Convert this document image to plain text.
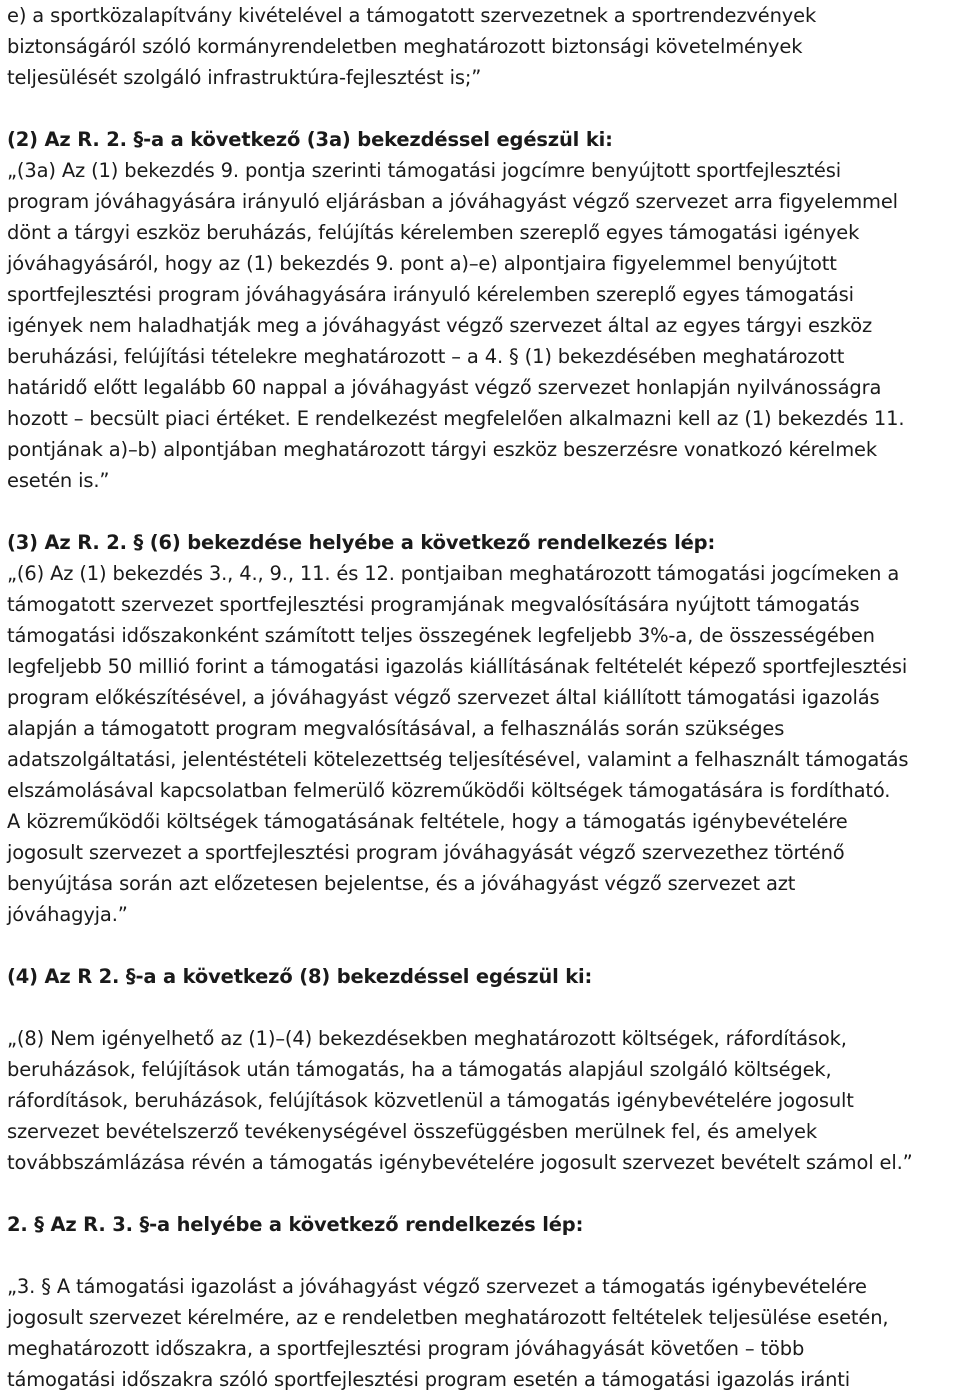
e) a sportközalapítvány kivételével a támogatott szervezetnek a sportrendezvények
biztonságáról szóló kormányrendeletben meghatározott biztonsági követelmények
teljesülését szolgáló infrastruktúra-fejlesztést is;”
(2) Az R. 2. §-a a következő (3a) bekezdéssel egészül ki:
„(3a) Az (1) bekezdés 9. pontja szerinti támogatási jogcímre benyújtott sportfejlesztési
program jóváhagyására irányuló eljárásban a jóváhagyást végző szervezet arra figyelemmel
dönt a tárgyi eszköz beruházás, felújítás kérelemben szereplő egyes támogatási igények
jóváhagyásáról, hogy az (1) bekezdés 9. pont a)–e) alpontjaira figyelemmel benyújtott
sportfejlesztési program jóváhagyására irányuló kérelemben szereplő egyes támogatási
igények nem haladhatják meg a jóváhagyást végző szervezet által az egyes tárgyi eszköz
beruházási, felújítási tételekre meghatározott – a 4. § (1) bekezdésében meghatározott
határidő előtt legalább 60 nappal a jóváhagyást végző szervezet honlapján nyilvánosságra
hozott – becsült piaci értéket. E rendelkezést megfelelően alkalmazni kell az (1) bekezdés 11.
pontjának a)–b) alpontjában meghatározott tárgyi eszköz beszerzésre vonatkozó kérelmek
esetén is.”
(3) Az R. 2. § (6) bekezdése helyébe a következő rendelkezés lép:
„(6) Az (1) bekezdés 3., 4., 9., 11. és 12. pontjaiban meghatározott támogatási jogcímeken a
támogatott szervezet sportfejlesztési programjának megvalósítására nyújtott támogatás
támogatási időszakonként számított teljes összegének legfeljebb 3%-a, de összességében
legfeljebb 50 millió forint a támogatási igazolás kiállításának feltételét képező sportfejlesztési
program előkészítésével, a jóváhagyást végző szervezet által kiállított támogatási igazolás
alapján a támogatott program megvalósításával, a felhasználás során szükséges
adatszolgáltatási, jelentéstételi kötelezettség teljesítésével, valamint a felhasznált támogatás
elszámolásával kapcsolatban felmerülő közreműködői költségek támogatására is fordítható.
A közreműködői költségek támogatásának feltétele, hogy a támogatás igénybevételére
jogosult szervezet a sportfejlesztési program jóváhagyását végző szervezethez történő
benyújtása során azt előzetesen bejelentse, és a jóváhagyást végző szervezet azt
jóváhagyja.”
(4) Az R 2. §-a a következő (8) bekezdéssel egészül ki:
„(8) Nem igényelhető az (1)–(4) bekezdésekben meghatározott költségek, ráfordítások,
beruházások, felújítások után támogatás, ha a támogatás alapjául szolgáló költségek,
ráfordítások, beruházások, felújítások közvetlenül a támogatás igénybevételére jogosult
szervezet bevételszerző tevékenységével összefüggésben merülnek fel, és amelyek
továbbszámlázása révén a támogatás igénybevételére jogosult szervezet bevételt számol el.”
2. § Az R. 3. §-a helyébe a következő rendelkezés lép:
„3. § A támogatási igazolást a jóváhagyást végző szervezet a támogatás igénybevételére
jogosult szervezet kérelmére, az e rendeletben meghatározott feltételek teljesülése esetén,
meghatározott időszakra, a sportfejlesztési program jóváhagyását követően – több
támogatási időszakra szóló sportfejlesztési program esetén a támogatási igazolás iránti
